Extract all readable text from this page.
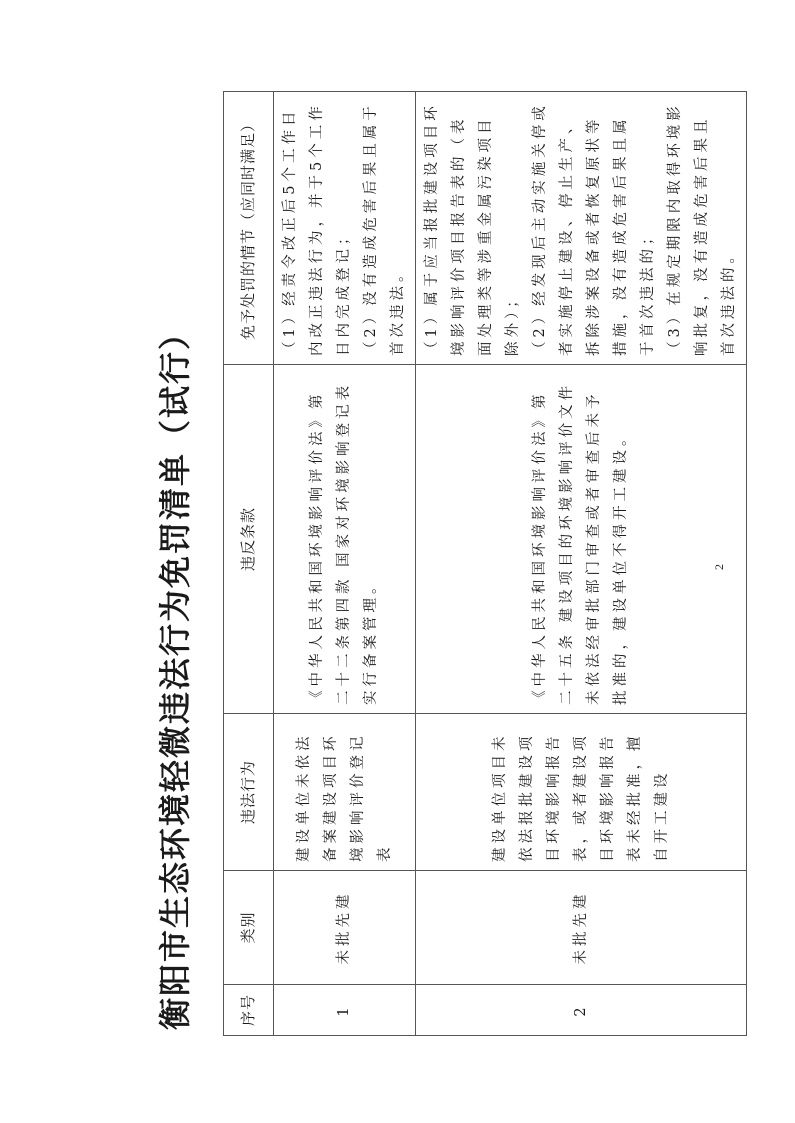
衡阳市生态环境轻微违法行为免罚清单（试行）	序号	类别	违法行为	违反条款	免予处罚的情节（应同时满足）
1	未批先建	建设单位未依法备案建设项目环境影响评价登记表	《中华人民共和国环境影响评价法》第二十二条第四款 国家对环境影响登记表实行备案管理。	（1）经责令改正后5个工作日内改正违法行为，并于5个工作日内完成登记； （2）没有造成危害后果且属于首次违法。

2	未批先建	建设单位项目未依法报批建设项目环境影响报告表，或者建设项目环境影响报告表未经批准，擅自开工建设	《中华人民共和国环境影响评价法》第二十五条 建设项目的环境影响评价文件未依法经审批部门审查或者审查后未予批准的，建设单位不得开工建设。	（1）属于应当报批建设项目环境影响评价项目报告表的（表面处理类等涉重金属污染项目除外）； （2）经发现后主动实施关停或者实施停止建设、停止生产、拆除涉案设备或者恢复原状等措施，没有造成危害后果且属于首次违法的； （3）在规定期限内取得环境影响批复，没有造成危害后果且首次违法的。
2
